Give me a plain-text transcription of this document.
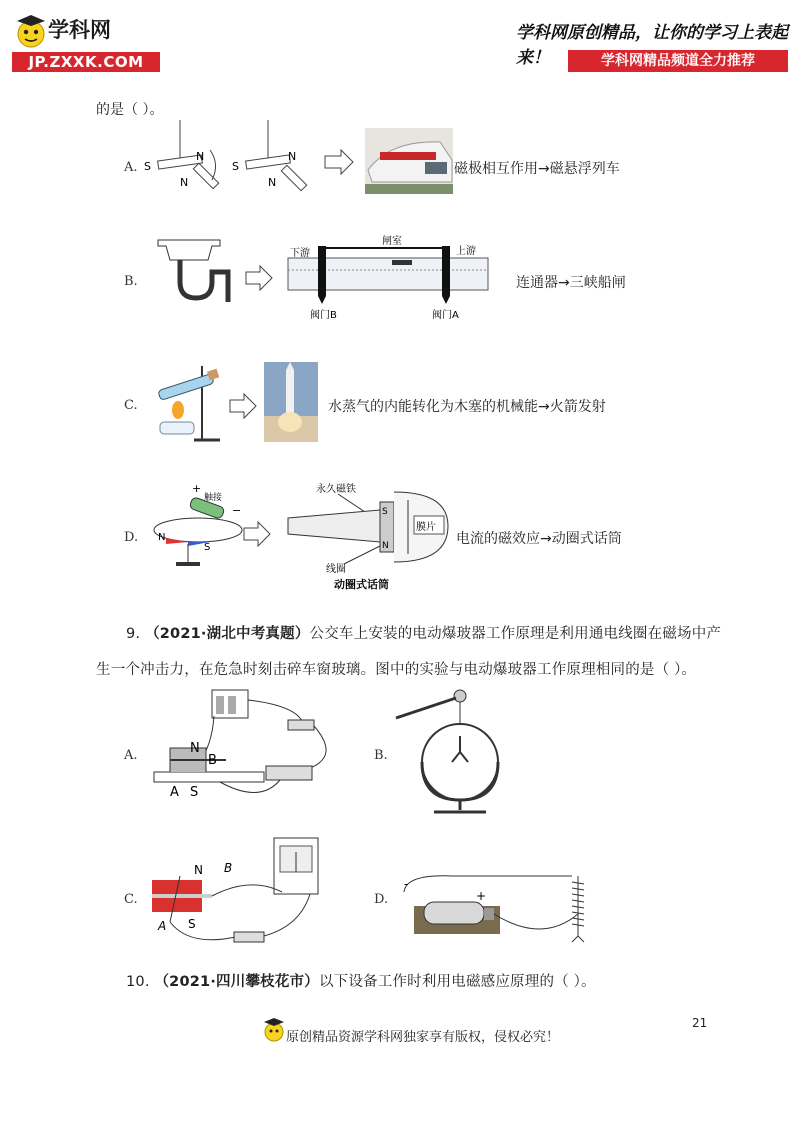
学科网
JP.ZXXK.COM
学科网原创精品，让你的学习上表起来！	学科网精品频道全力推荐
的是（ ）。
A. S
N
N
S
N
N
磁极相互作用→磁悬浮列车
B.
闸室
下游	上游
阀门B	阀门A
连通器→三峡船闸
C.	水蒸气的内能转化为木塞的机械能→火箭发射
D.
+
触接
−
N
S
永久磁铁
S
N
膜片
线圈
动圈式话筒
电流的磁效应→动圈式话筒
9. （2021·湖北中考真题）公交车上安装的电动爆玻器工作原理是利用通电线圈在磁场中产
生一个冲击力，在危急时刻击碎车窗玻璃。图中的实验与电动爆玻器工作原理相同的是（ ）。
A.	N
B
A S
B.
C.
N B
A S
D.
-
+
10. （2021·四川攀枝花市）以下设备工作时利用电磁感应原理的（ ）。
21
原创精品资源学科网独家享有版权，侵权必究！
